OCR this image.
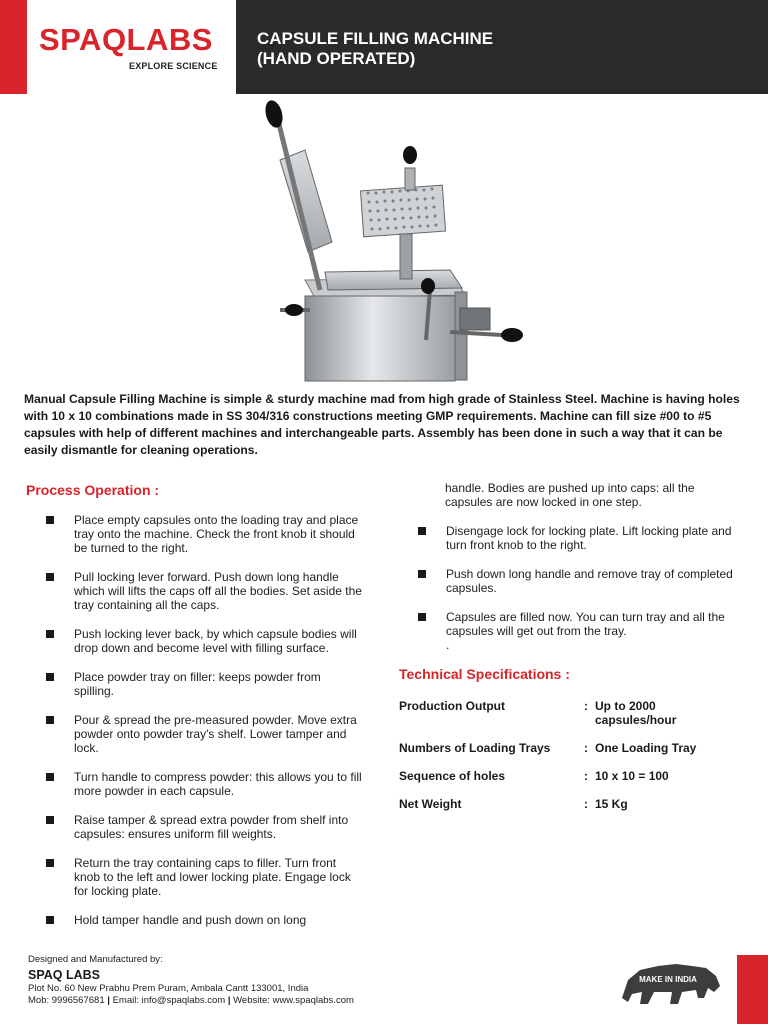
SPAQLABS
EXPLORE SCIENCE
CAPSULE FILLING MACHINE
(HAND OPERATED)
Manual Capsule Filling Machine is simple & sturdy machine mad from high grade of Stainless Steel. Machine is having holes with 10 x 10 combinations made in SS 304/316 constructions meeting GMP requirements. Machine can fill size #00 to #5 capsules with help of different machines and interchangeable parts. Assembly has been done in such a way that it can be easily dismantle for cleaning operations.
Process Operation :
Place empty capsules onto the loading tray and place tray onto the machine. Check the front knob it should be turned to the right.
Pull locking lever forward. Push down long handle which will lifts the caps off all the bodies. Set aside the tray containing all the caps.
Push locking lever back, by which capsule bodies will drop down and become level with filling surface.
Place powder tray on filler: keeps powder from spilling.
Pour & spread the pre-measured powder. Move extra powder onto powder tray's shelf. Lower tamper and lock.
Turn handle to compress powder: this allows you to fill more powder in each capsule.
Raise tamper & spread extra powder from shelf into capsules: ensures uniform fill weights.
Return the tray containing caps to filler. Turn front knob to the left and lower locking plate. Engage lock for locking plate.
Hold tamper handle and push down on long
handle. Bodies are pushed up into caps: all the capsules are now locked in one step.
Disengage lock for locking plate. Lift locking plate and turn front knob to the right.
Push down long handle and remove tray of completed capsules.
Capsules are filled now. You can turn tray and all the capsules will get out from the tray.
.
Technical Specifications :
Production Output	: Up to 2000 capsules/hour
Numbers of Loading Trays	: One Loading Tray
Sequence of holes	: 10 x 10 = 100
Net Weight	: 15 Kg
Designed and Manufactured by:
SPAQ LABS
Plot No. 60 New Prabhu Prem Puram, Ambala Cantt 133001, India
Mob: 9996567681 | Email: info@spaqlabs.com | Website: www.spaqlabs.com
MAKE IN INDIA
